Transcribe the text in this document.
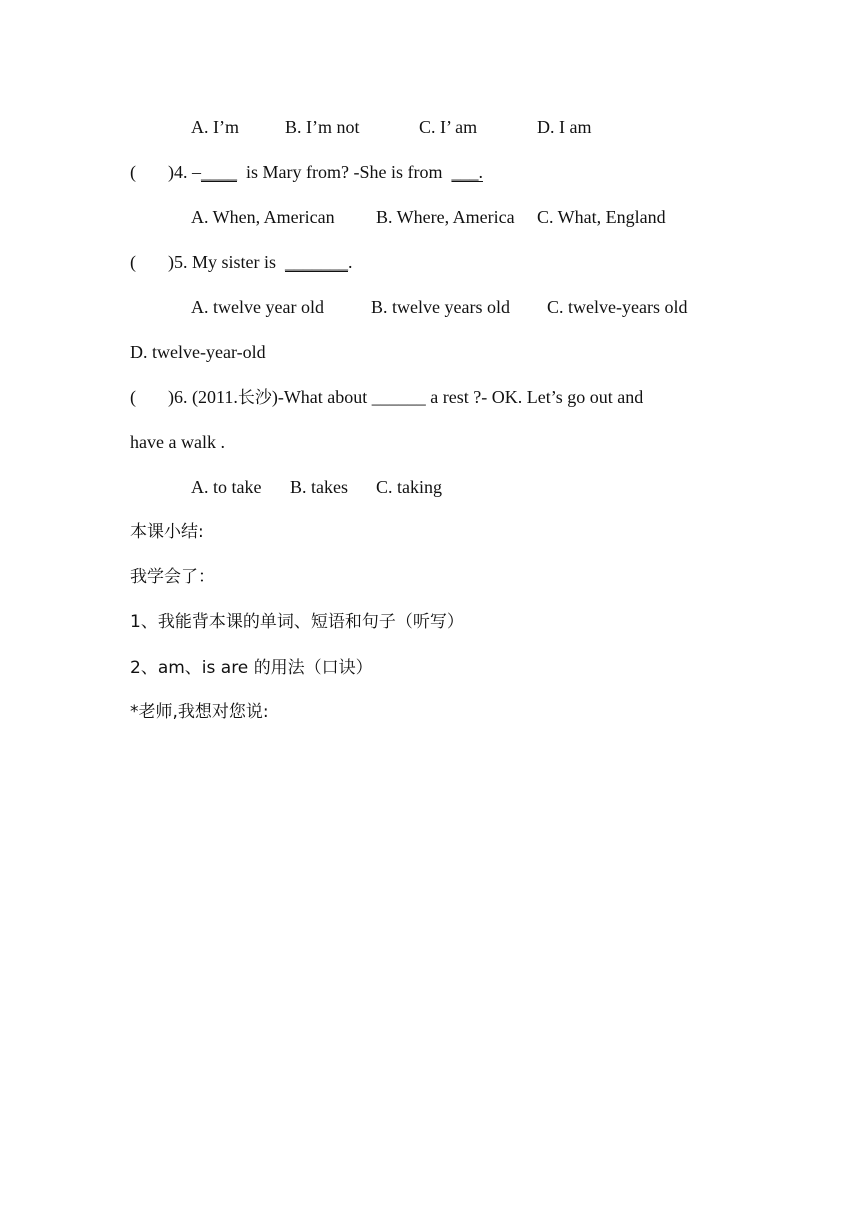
A. I’m	B. I’m not	C. I’ am	D. I am
( )4. –____ is Mary from? -She is from ___.
A. When, American B. Where, America C. What, England
( )5. My sister is _______.
A. twelve year old	B. twelve years old C. twelve-years old
D. twelve-year-old
( )6. (2011.长沙)-What about ______ a rest ?- OK. Let’s go out and
have a walk .
A. to take B. takes C. taking
本课小结:
我学会了：
1、我能背本课的单词、短语和句子（听写）
2、am、is are 的用法（口诀）
*老师,我想对您说:
